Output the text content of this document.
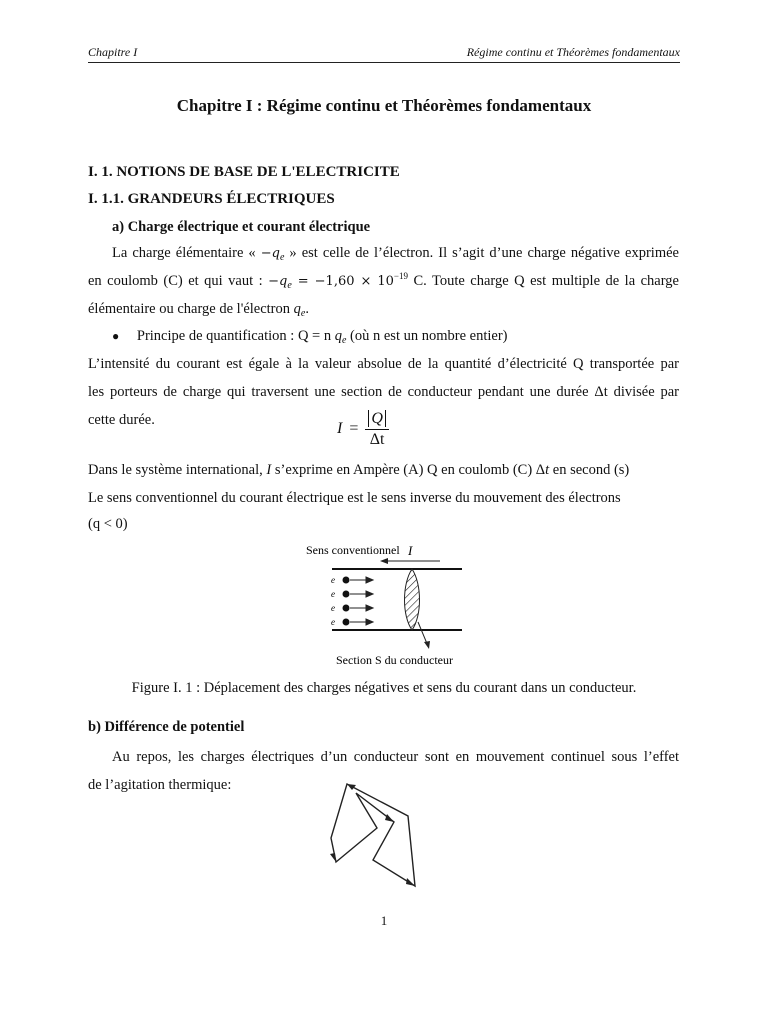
Chapitre I	Régime continu et Théorèmes fondamentaux
Chapitre I : Régime continu et Théorèmes fondamentaux
I. 1. NOTIONS DE BASE DE L'ELECTRICITE
I. 1.1. GRANDEURS ÉLECTRIQUES
a) Charge électrique et courant électrique
La charge élémentaire « $-q_e$ » est celle de l’électron. Il s’agit d’une charge négative exprimée
en coulomb (C) et qui vaut : $-q_e = -1,60 \times 10^{-19}$ C. Toute charge Q est multiple de la charge
élémentaire ou charge de l'électron $q_e$.
● Principe de quantification : Q = n $q_e$ (où n est un nombre entier)
L’intensité du courant est égale à la valeur absolue de la quantité d’électricité Q transportée par
les porteurs de charge qui traversent une section de conducteur pendant une durée Δt divisée par
cette durée.
$I = \frac{Q}{\Delta t}$
Dans le système international, I s’exprime en Ampère (A) Q en coulomb (C) Δt en second (s)
Le sens conventionnel du courant électrique est le sens inverse du mouvement des électrons
(q < 0)
Sens conventionnel I
e
e
e
e
Section S du conducteur
Figure I. 1 : Déplacement des charges négatives et sens du courant dans un conducteur.
b) Différence de potentiel
Au repos, les charges électriques d’un conducteur sont en mouvement continuel sous l’effet
de l’agitation thermique:
1
